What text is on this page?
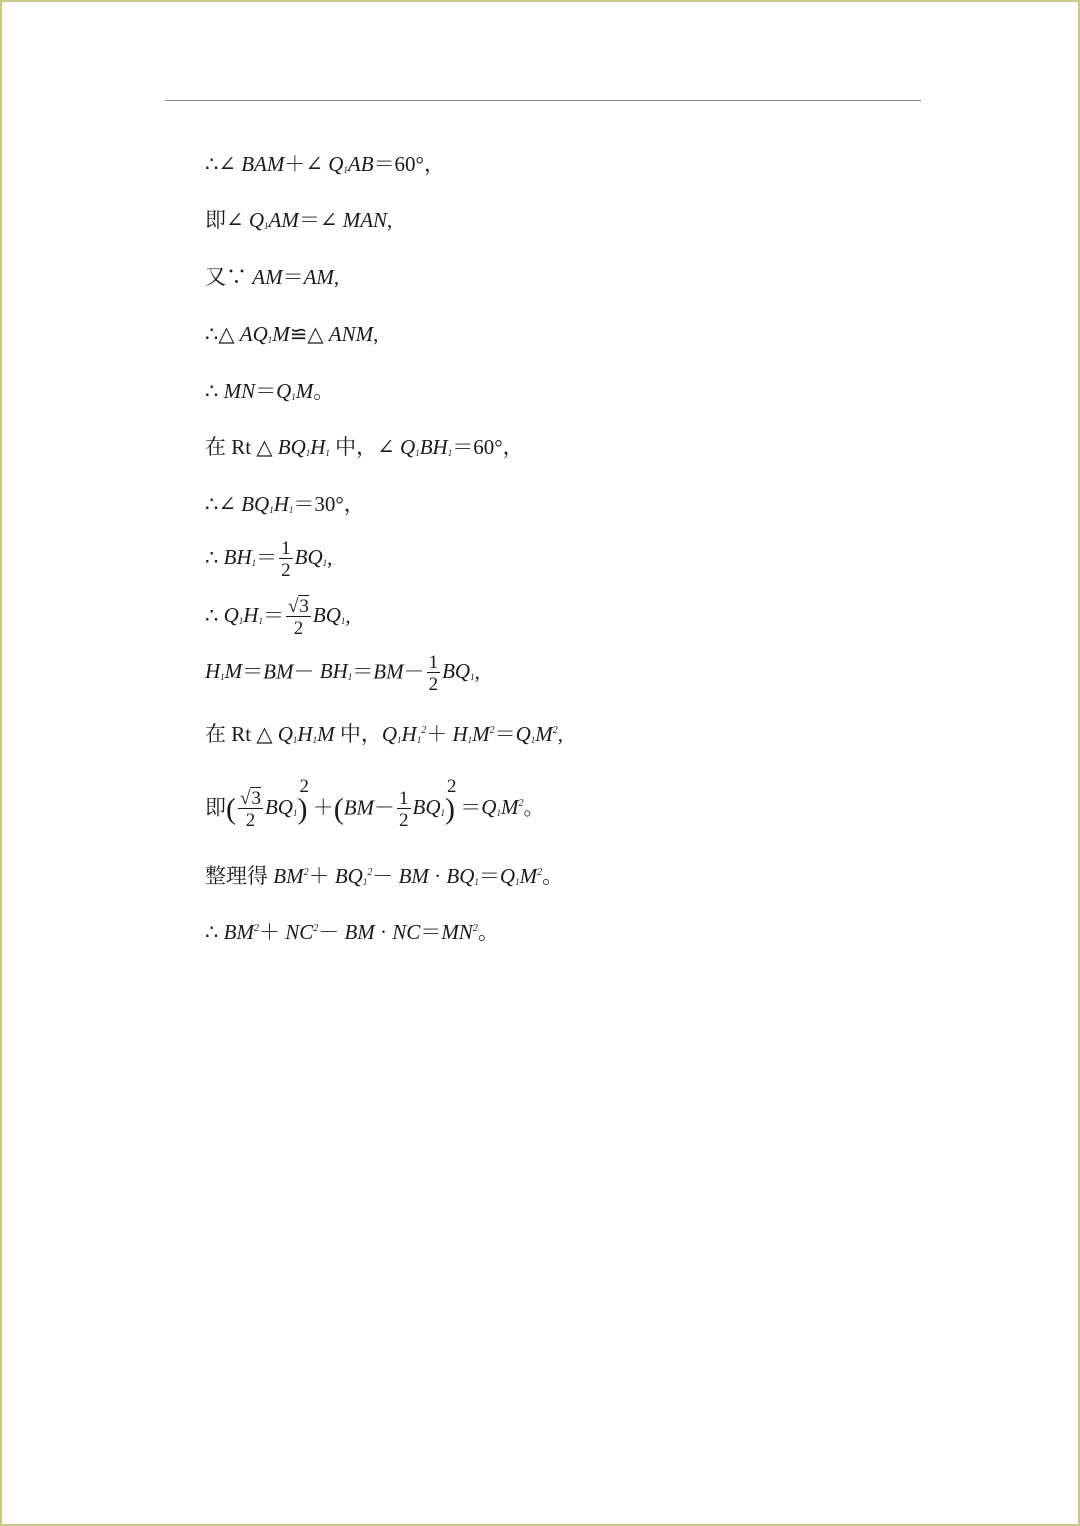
∴∠ BAM＋∠ $Q_1AB=60^\circ$，
即∠ $Q_1AM=\angle$ MAN,
又∵ AM＝AM,
∴△ $AQ_1M≌\triangle$ ANM,
∴ $MN=Q_1M$。
在 Rt △ $BQ_1H_1$ 中，∠ $Q_1BH_1=60^\circ$，
∴∠ $BQ_1H_1=30^\circ$，
∴ $BH_1= \frac{1}{2} BQ_1$,
∴ $Q_1H_1= \frac{√3}{2} BQ_1$,
$H_1M=BM- BH_1=BM- \frac{1}{2} BQ_1$,
在 Rt △ $Q_1H_1M$ 中，$Q_1H_1^2+ H_1M^2=Q_1M^2$,
即( $\frac{√3}{2} BQ_1$)
2
$+(BM- \frac{1}{2} BQ_1)$
2
$=Q_1M^2$。
整理得 $BM^2+ BQ_1^2-$ BM · $BQ_1=Q_1M^2$。
∴ $BM^2+ NC^2-$ BM · $NC=MN^2$。
